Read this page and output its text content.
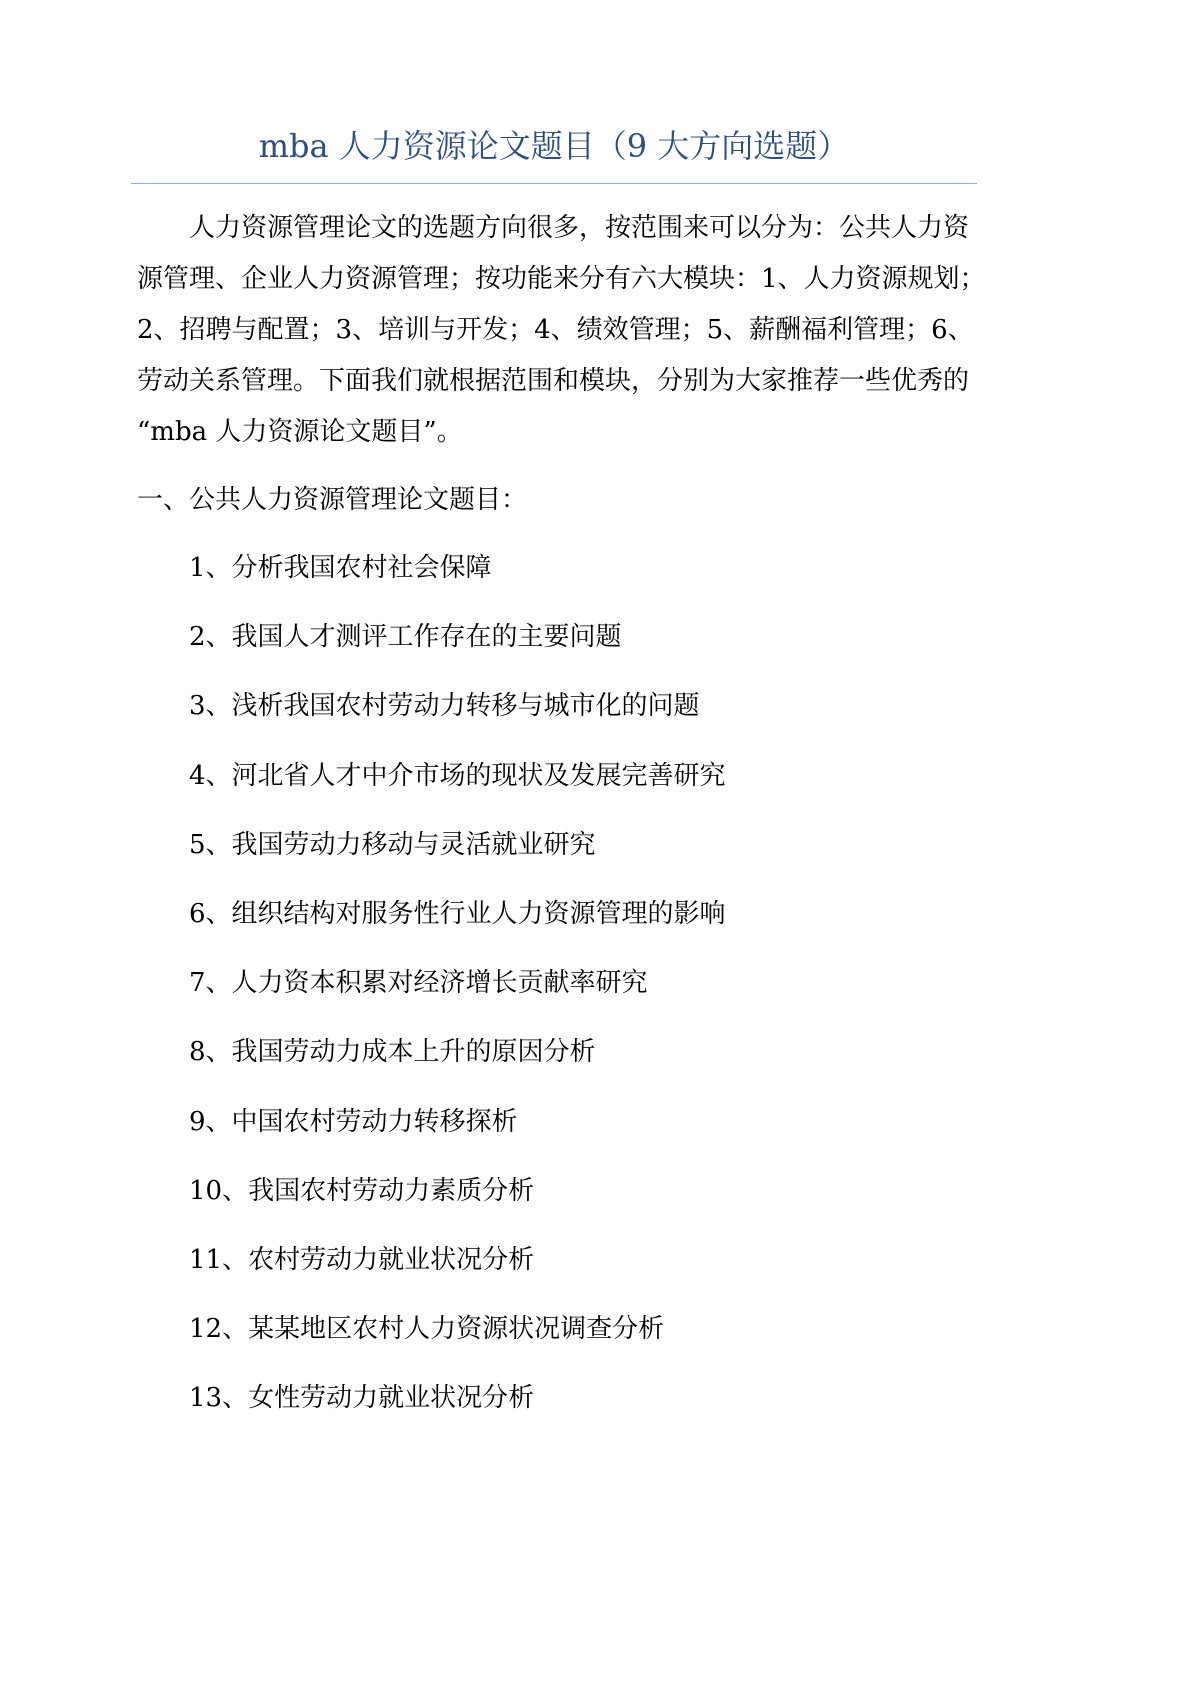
mba 人力资源论文题目（9 大方向选题）
人力资源管理论文的选题方向很多，按范围来可以分为：公共人力资
源管理、企业人力资源管理；按功能来分有六大模块：1、人力资源规划；
2、招聘与配置；3、培训与开发；4、绩效管理；5、薪酬福利管理；6、
劳动关系管理。下面我们就根据范围和模块，分别为大家推荐一些优秀的
“mba 人力资源论文题目”。
一、公共人力资源管理论文题目：
1、分析我国农村社会保障
2、我国人才测评工作存在的主要问题
3、浅析我国农村劳动力转移与城市化的问题
4、河北省人才中介市场的现状及发展完善研究
5、我国劳动力移动与灵活就业研究
6、组织结构对服务性行业人力资源管理的影响
7、人力资本积累对经济增长贡献率研究
8、我国劳动力成本上升的原因分析
9、中国农村劳动力转移探析
10、我国农村劳动力素质分析
11、农村劳动力就业状况分析
12、某某地区农村人力资源状况调查分析
13、女性劳动力就业状况分析
